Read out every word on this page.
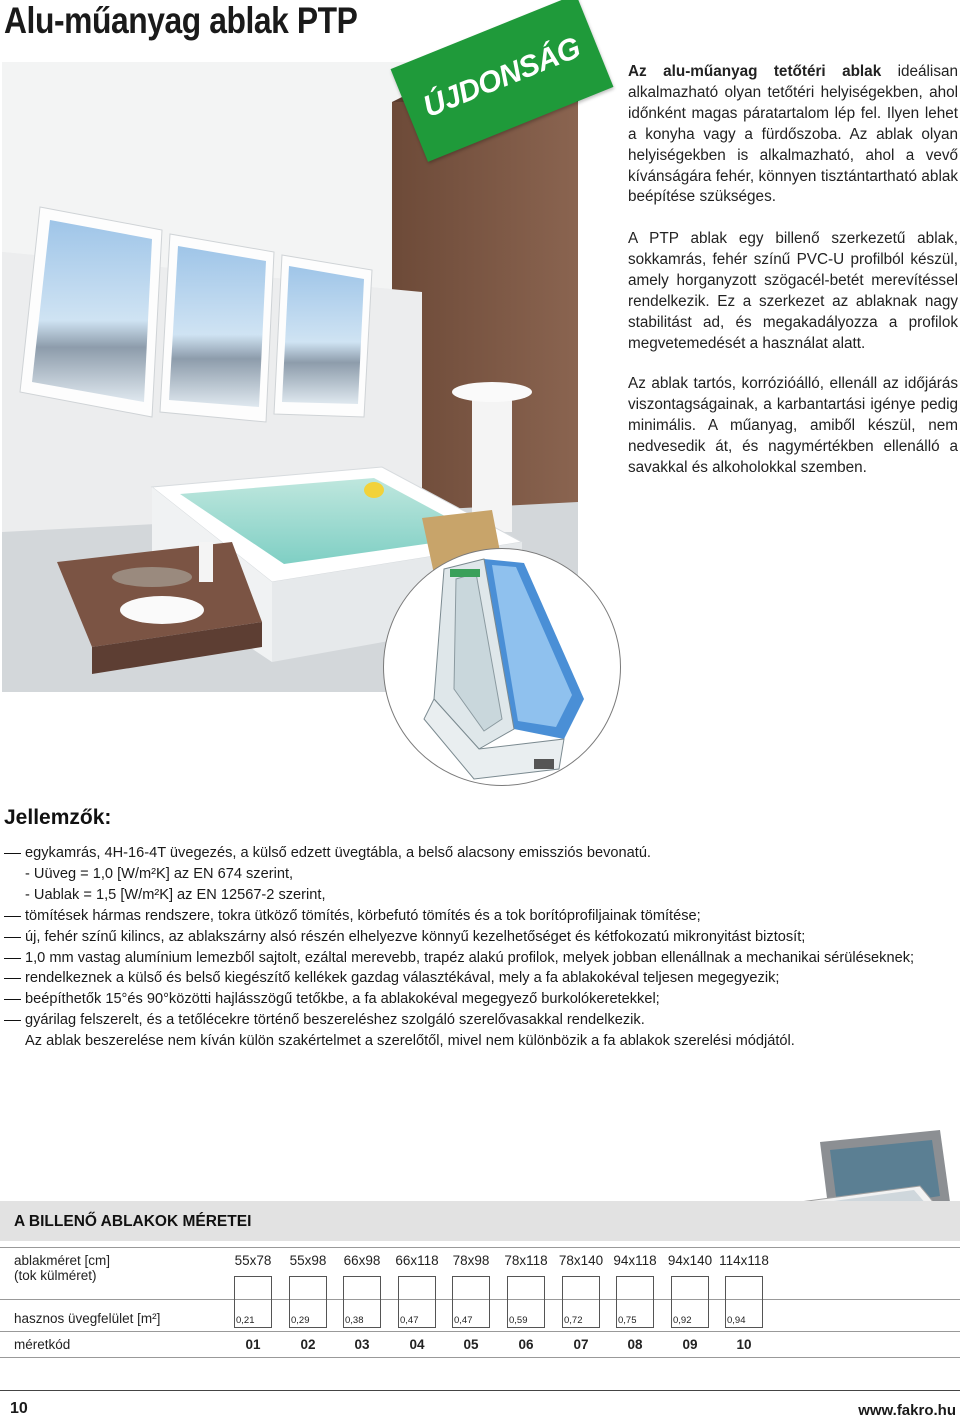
Alu-műanyag ablak PTP
ÚJDONSÁG	Az alu-műanyag tetőtéri ablak ideálisan alkalmazható olyan tetőtéri helyiségekben, ahol időnként magas páratartalom lép fel. Ilyen lehet a konyha vagy a fürdőszoba. Az ablak olyan helyiségekben is alkalmazható, ahol a vevő kívánságára fehér, könnyen tisztántartható ablak beépítése szükséges.

A PTP ablak egy billenő szerkezetű ablak, sokkamrás, fehér színű PVC-U profilból készül, amely horganyzott szögacél-betét merevítéssel rendelkezik. Ez a szerkezet az ablaknak nagy stabilitást ad, és megakadályozza a profilok megvetemedését a használat alatt.

Az ablak tartós, korrózióálló, ellenáll az időjárás viszontagságainak, a karbantartási igénye pedig minimális. A műanyag, amiből készül, nem nedvesedik át, és nagymértékben ellenálló a savakkal és alkoholokkal szemben.

Jellemzők:
egykamrás, 4H-16-4T üvegezés, a külső edzett üvegtábla, a belső alacsony emissziós bevonatú.
- Uüveg = 1,0 [W/m²K] az EN 674 szerint,
- Uablak = 1,5 [W/m²K] az EN 12567-2 szerint,
tömítések hármas rendszere, tokra ütköző tömítés, körbefutó tömítés és a tok borítóprofiljainak tömítése;
új, fehér színű kilincs, az ablakszárny alsó részén elhelyezve könnyű kezelhetőséget és kétfokozatú mikronyitást biztosít;
1,0 mm vastag alumínium lemezből sajtolt, ezáltal merevebb, trapéz alakú profilok, melyek jobban ellenállnak a mechanikai sérüléseknek;
rendelkeznek a külső és belső kiegészítő kellékek gazdag választékával, mely a fa ablakokéval teljesen megegyezik;
beépíthetők 15°és 90°közötti hajlásszögű tetőkbe, a fa ablakokéval megegyező burkolókeretekkel;
gyárilag felszerelt, és a tetőlécekre történő beszereléshez szolgáló szerelővasakkal rendelkezik.
Az ablak beszerelése nem kíván külön szakértelmet a szerelőtől, mivel nem különbözik a fa ablakok szerelési módjától.
A BILLENŐ ABLAKOK MÉRETEI
ablakméret [cm]
(tok külméret)
hasznos üvegfelület [m²]
méretkód
10	www.fakro.hu
55x78
0,21
01
55x98
0,29
02
66x98
0,38
03
66x118
0,47
04
78x98
0,47
05
78x118
0,59
06
78x140
0,72
07
94x118
0,75
08
94x140
0,92
09
114x118
0,94
10
